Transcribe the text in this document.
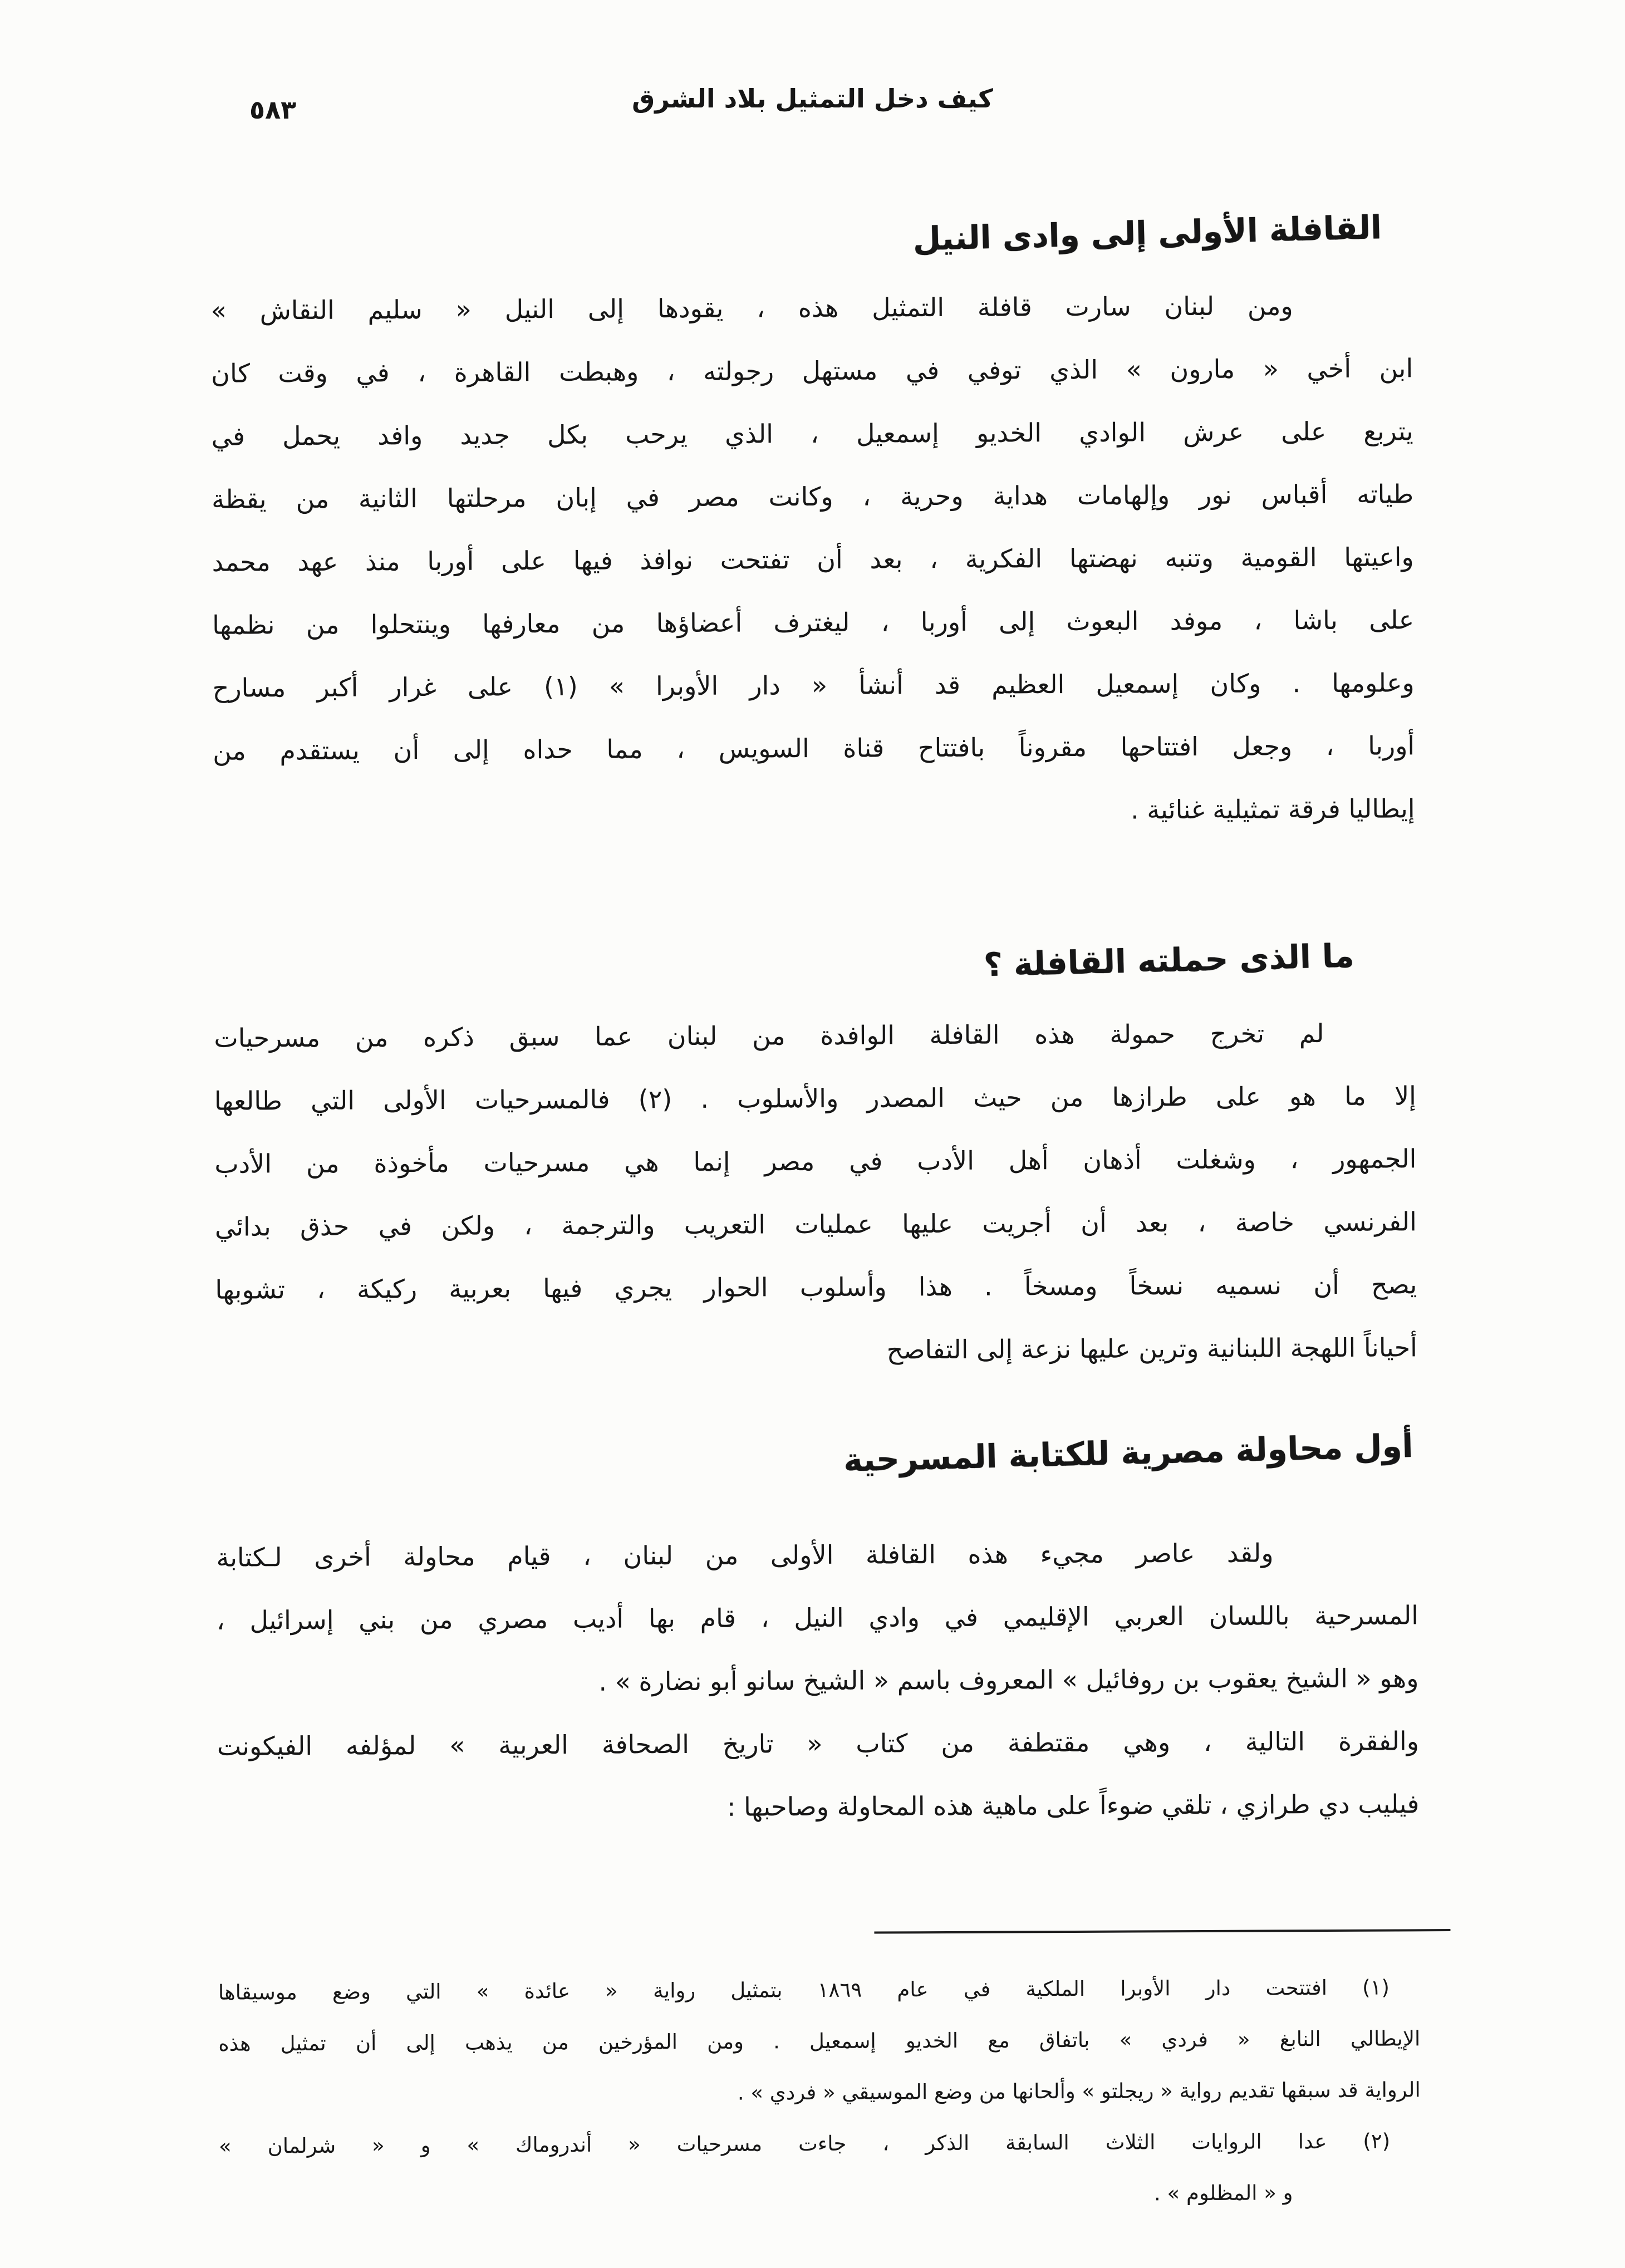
٥٨٣	كيف دخل التمثيل بلاد الشرق
القافلة الأولى إلى وادى النيل
ومن لبنان سارت قافلة التمثيل هذه ، يقودها إلى النيل « سليم النقاش »
ابن أخي « مارون » الذي توفي في مستهل رجولته ، وهبطت القاهرة ، في وقت كان
يتربع على عرش الوادي الخديو إسمعيل ، الذي يرحب بكل جديد وافد يحمل في
طياته أقباس نور وإلهامات هداية وحرية ، وكانت مصر في إبان مرحلتها الثانية من يقظة
واعيتها القومية وتنبه نهضتها الفكرية ، بعد أن تفتحت نوافذ فيها على أوربا منذ عهد محمد
على باشا ، موفد البعوث إلى أوربا ، ليغترف أعضاؤها من معارفها وينتحلوا من نظمها
وعلومها . وكان إسمعيل العظيم قد أنشأ « دار الأوبرا » (١) على غرار أكبر مسارح
أوربا ، وجعل افتتاحها مقروناً بافتتاح قناة السويس ، مما حداه إلى أن يستقدم من
إيطاليا فرقة تمثيلية غنائية .
ما الذى حملته القافلة ؟
لم تخرج حمولة هذه القافلة الوافدة من لبنان عما سبق ذكره من مسرحيات
إلا ما هو على طرازها من حيث المصدر والأسلوب . (٢) فالمسرحيات الأولى التي طالعها
الجمهور ، وشغلت أذهان أهل الأدب في مصر إنما هي مسرحيات مأخوذة من الأدب
الفرنسي خاصة ، بعد أن أجريت عليها عمليات التعريب والترجمة ، ولكن في حذق بدائي
يصح أن نسميه نسخاً ومسخاً . هذا وأسلوب الحوار يجري فيها بعربية ركيكة ، تشوبها
أحياناً اللهجة اللبنانية وترين عليها نزعة إلى التفاصح
أول محاولة مصرية للكتابة المسرحية
ولقد عاصر مجيء هذه القافلة الأولى من لبنان ، قيام محاولة أخرى لـكتابة
المسرحية باللسان العربي الإقليمي في وادي النيل ، قام بها أديب مصري من بني إسرائيل ،
وهو « الشيخ يعقوب بن روفائيل » المعروف باسم « الشيخ سانو أبو نضارة » .
والفقرة التالية ، وهي مقتطفة من كتاب « تاريخ الصحافة العربية » لمؤلفه الفيكونت
فيليب دي طرازي ، تلقي ضوءاً على ماهية هذه المحاولة وصاحبها :
(١) افتتحت دار الأوبرا الملكية في عام ١٨٦٩ بتمثيل رواية « عائدة » التي وضع موسيقاها
الإيطالي النابغ « فردي » باتفاق مع الخديو إسمعيل . ومن المؤرخين من يذهب إلى أن تمثيل هذه
الرواية قد سبقها تقديم رواية « ريجلتو » وألحانها من وضع الموسيقي « فردي » .
(٢) عدا الروايات الثلاث السابقة الذكر ، جاءت مسرحيات « أندروماك » و « شرلمان »
و « المظلوم » .
